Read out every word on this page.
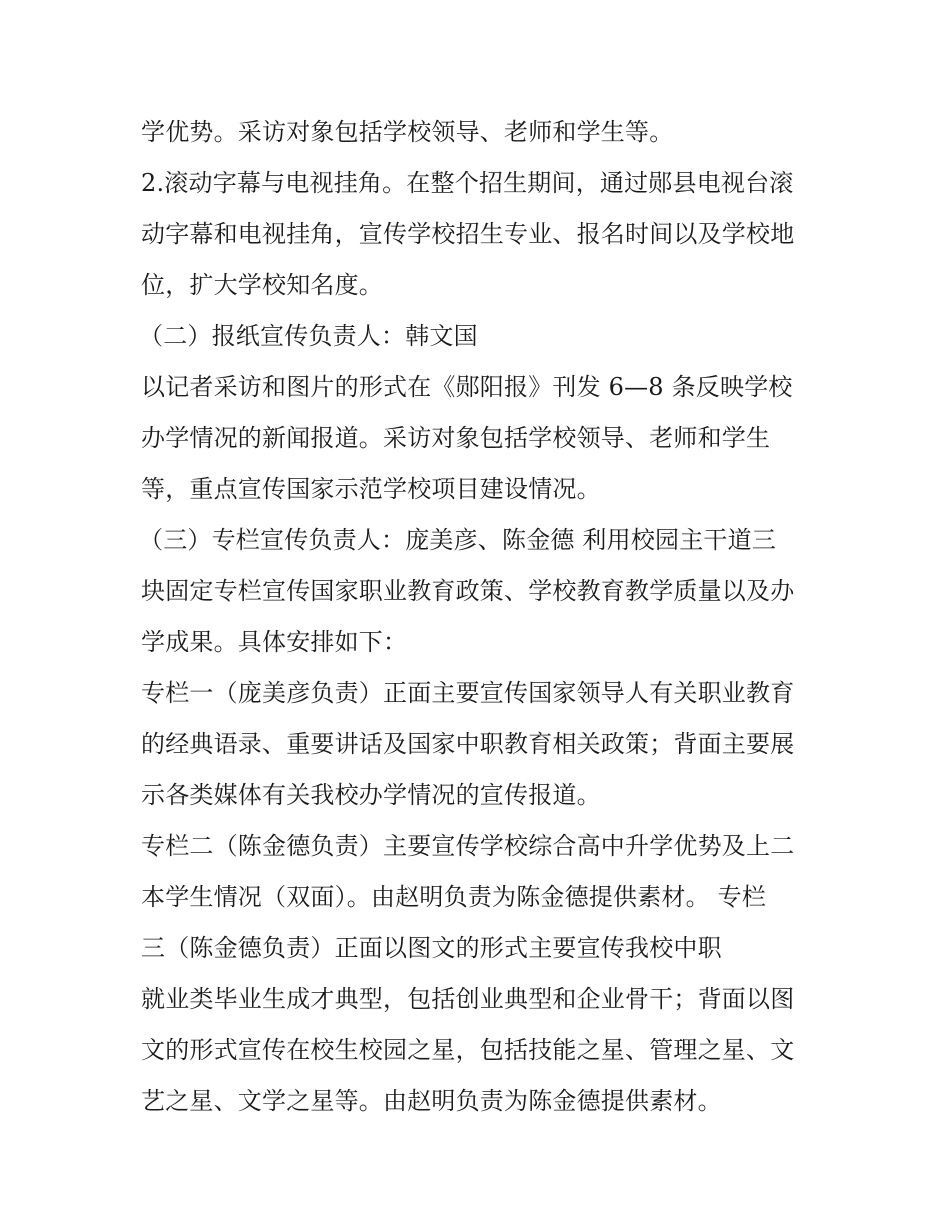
学优势。采访对象包括学校领导、老师和学生等。
2.滚动字幕与电视挂角。在整个招生期间，通过郧县电视台滚
动字幕和电视挂角，宣传学校招生专业、报名时间以及学校地
位，扩大学校知名度。
（二）报纸宣传负责人：韩文国
以记者采访和图片的形式在《郧阳报》刊发 6—8 条反映学校
办学情况的新闻报道。采访对象包括学校领导、老师和学生
等，重点宣传国家示范学校项目建设情况。
（三）专栏宣传负责人：庞美彦、陈金德 利用校园主干道三
块固定专栏宣传国家职业教育政策、学校教育教学质量以及办
学成果。具体安排如下：
专栏一（庞美彦负责）正面主要宣传国家领导人有关职业教育
的经典语录、重要讲话及国家中职教育相关政策；背面主要展
示各类媒体有关我校办学情况的宣传报道。
专栏二（陈金德负责）主要宣传学校综合高中升学优势及上二
本学生情况（双面）。由赵明负责为陈金德提供素材。 专栏
三（陈金德负责）正面以图文的形式主要宣传我校中职
就业类毕业生成才典型，包括创业典型和企业骨干；背面以图
文的形式宣传在校生校园之星，包括技能之星、管理之星、文
艺之星、文学之星等。由赵明负责为陈金德提供素材。
